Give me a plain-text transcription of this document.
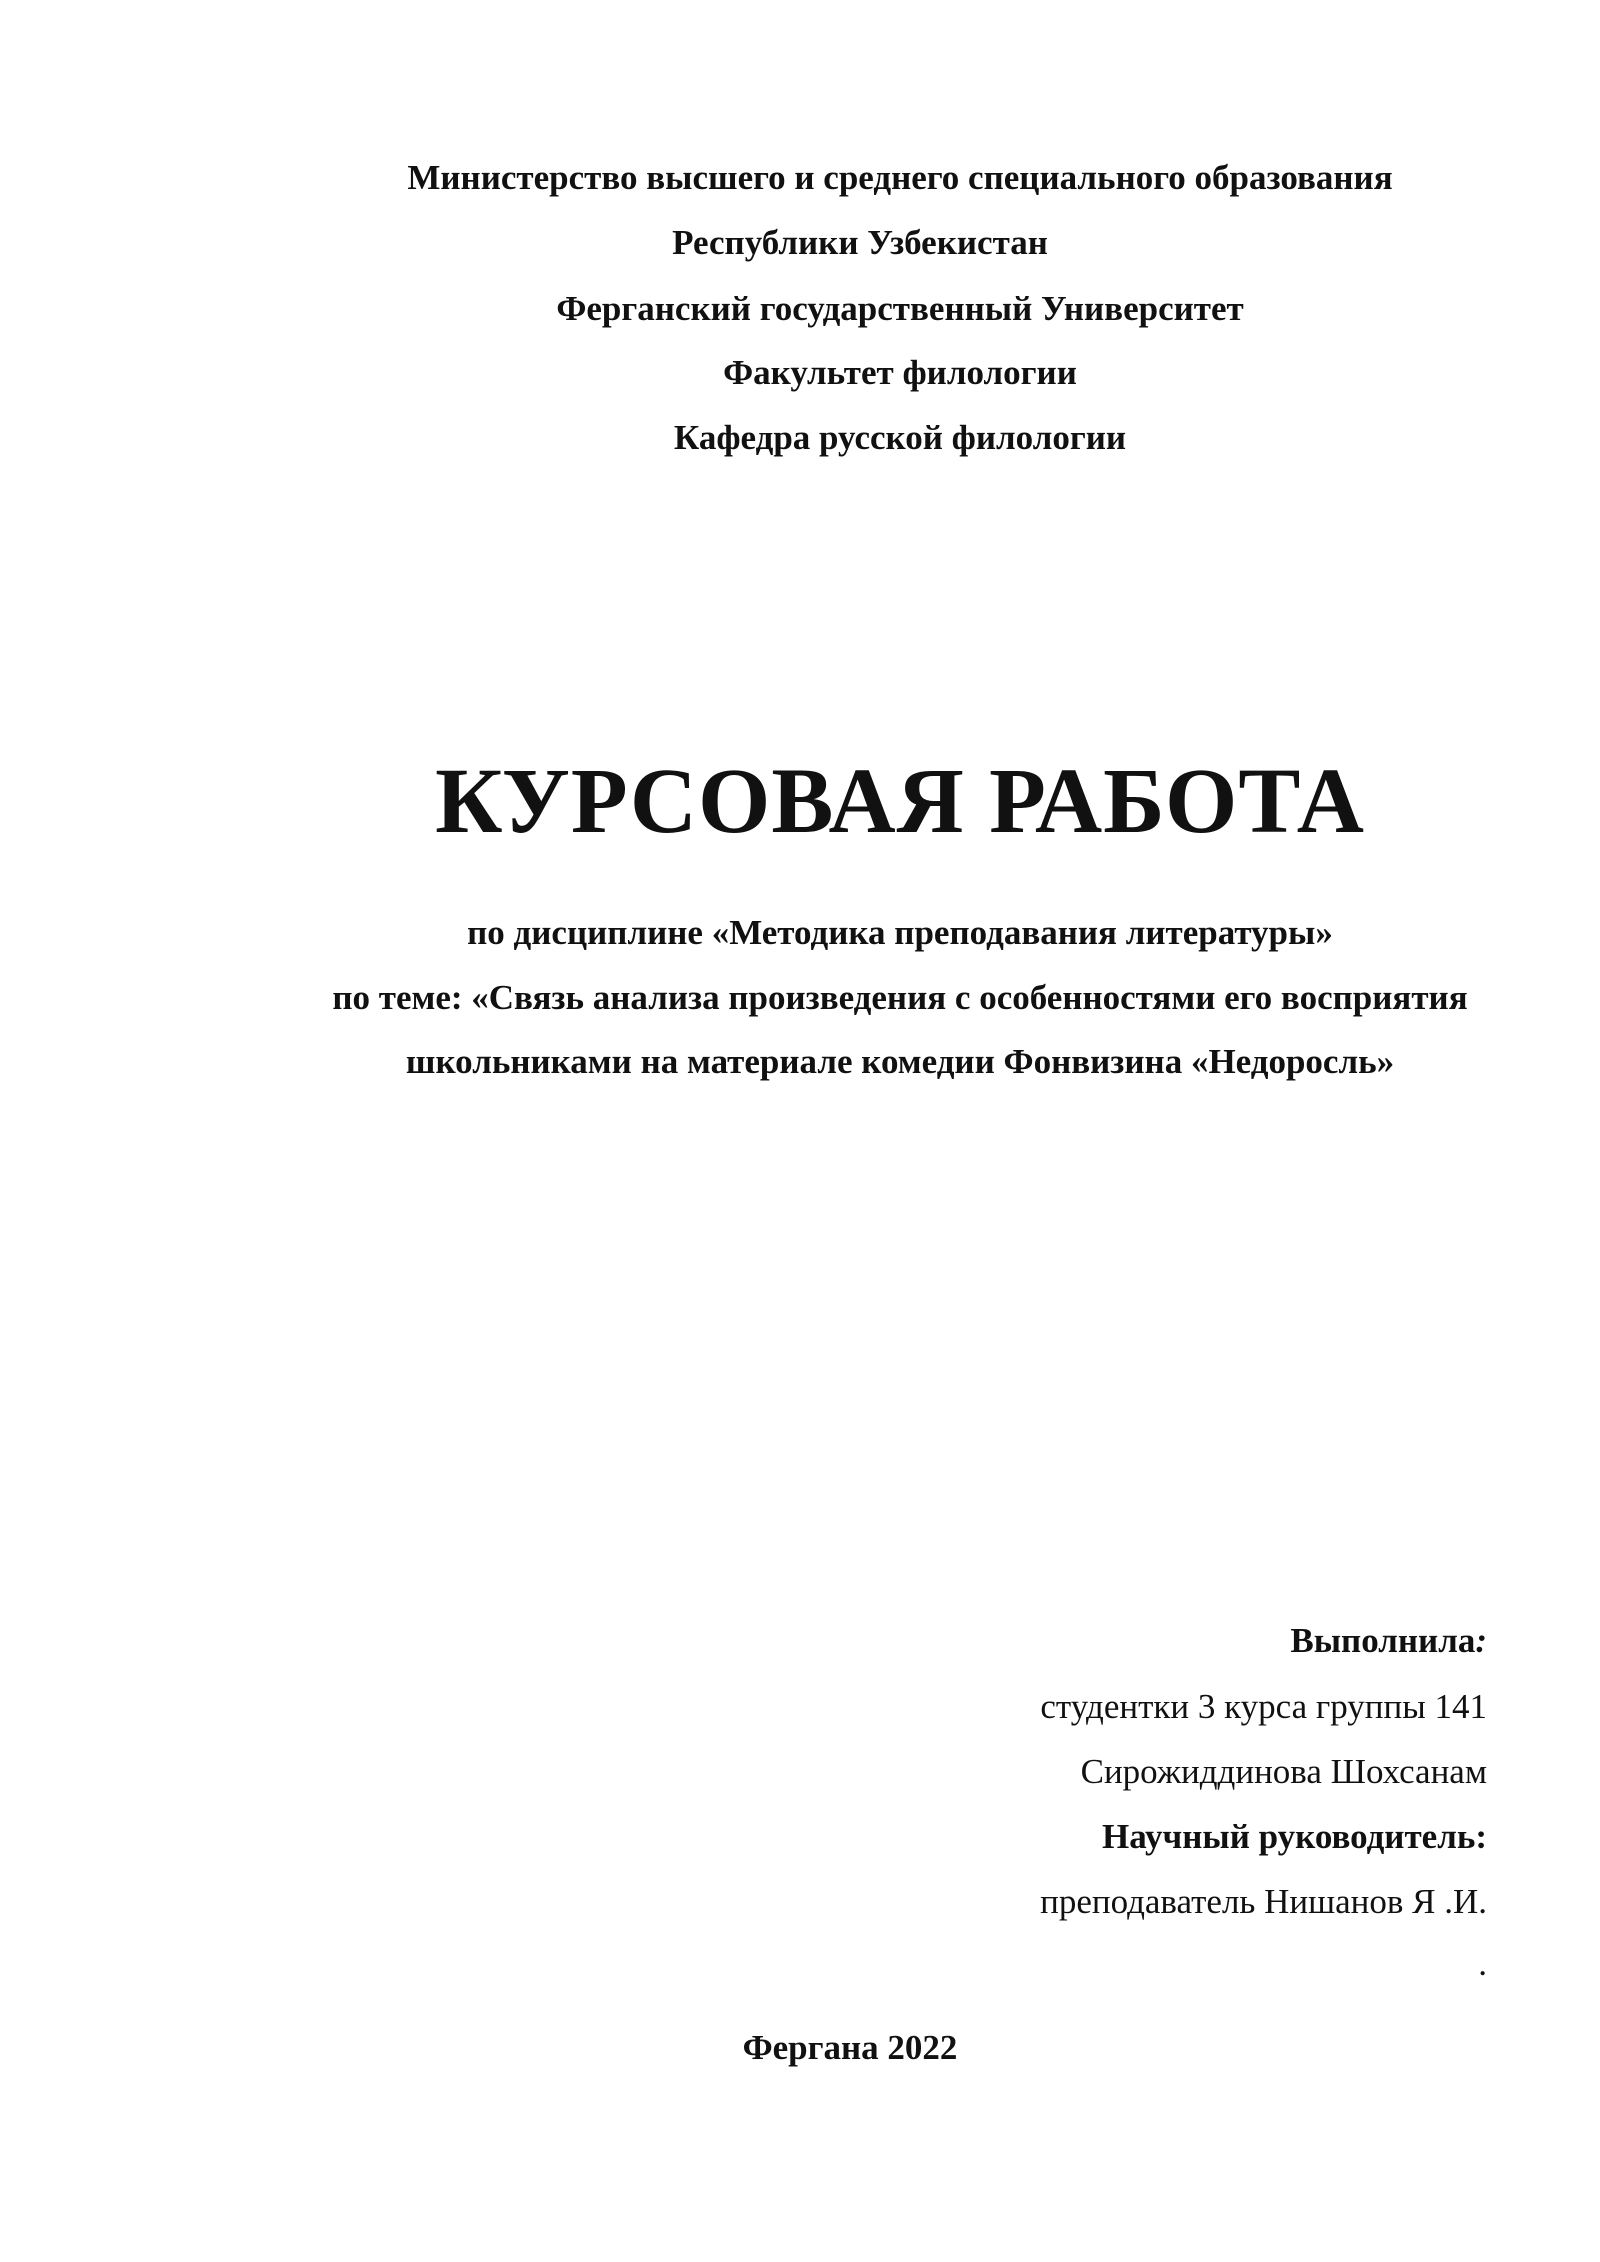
Министерство высшего и среднего специального образования
Республики Узбекистан
Ферганский государственный Университет
Факультет филологии
Кафедра русской филологии
КУРСОВАЯ РАБОТА
по дисциплине «Методика преподавания литературы»
по теме: «Связь анализа произведения с особенностями его восприятия
школьниками на материале комедии Фонвизина «Недоросль»
Выполнила:
студентки 3 курса группы 141
Сирожиддинова Шохсанам
Научный руководитель:
преподаватель Нишанов Я .И.
.
Фергана 2022
